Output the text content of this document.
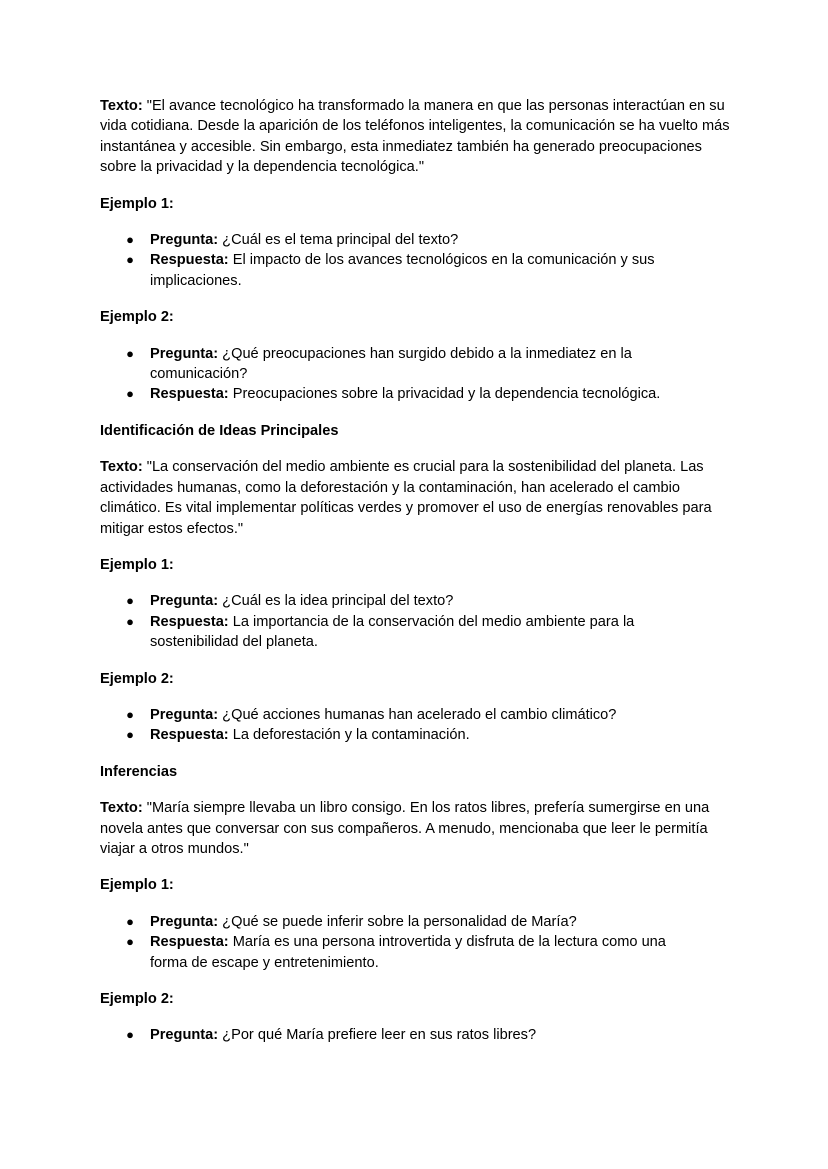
Texto: "El avance tecnológico ha transformado la manera en que las personas interactúan en su vida cotidiana. Desde la aparición de los teléfonos inteligentes, la comunicación se ha vuelto más instantánea y accesible. Sin embargo, esta inmediatez también ha generado preocupaciones sobre la privacidad y la dependencia tecnológica."

Ejemplo 1:

● Pregunta: ¿Cuál es el tema principal del texto?
● Respuesta: El impacto de los avances tecnológicos en la comunicación y sus implicaciones.

Ejemplo 2:

● Pregunta: ¿Qué preocupaciones han surgido debido a la inmediatez en la comunicación?
● Respuesta: Preocupaciones sobre la privacidad y la dependencia tecnológica.

Identificación de Ideas Principales

Texto: "La conservación del medio ambiente es crucial para la sostenibilidad del planeta. Las actividades humanas, como la deforestación y la contaminación, han acelerado el cambio climático. Es vital implementar políticas verdes y promover el uso de energías renovables para mitigar estos efectos."

Ejemplo 1:

● Pregunta: ¿Cuál es la idea principal del texto?
● Respuesta: La importancia de la conservación del medio ambiente para la sostenibilidad del planeta.

Ejemplo 2:

● Pregunta: ¿Qué acciones humanas han acelerado el cambio climático?
● Respuesta: La deforestación y la contaminación.

Inferencias

Texto: "María siempre llevaba un libro consigo. En los ratos libres, prefería sumergirse en una novela antes que conversar con sus compañeros. A menudo, mencionaba que leer le permitía viajar a otros mundos."

Ejemplo 1:

● Pregunta: ¿Qué se puede inferir sobre la personalidad de María?
● Respuesta: María es una persona introvertida y disfruta de la lectura como una forma de escape y entretenimiento.

Ejemplo 2:

● Pregunta: ¿Por qué María prefiere leer en sus ratos libres?
